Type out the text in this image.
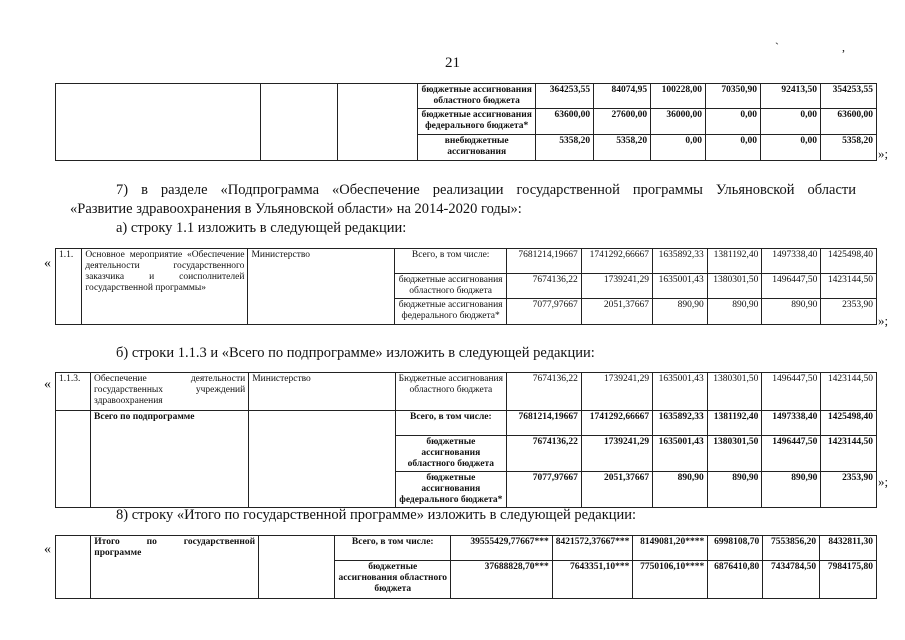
` ,
21
			бюджетные ассигнования областного бюджета	364253,55	84074,95	100228,00	70350,90	92413,50	354253,55
			бюджетные ассигнования федерального бюджета*	63600,00	27600,00	36000,00	0,00	0,00	63600,00
			внебюджетные ассигнования	5358,20	5358,20	0,00	0,00	0,00	5358,20
»;
7) в разделе «Подпрограмма «Обеспечение реализации государственной программы Ульяновской области
«Развитие здравоохранения в Ульяновской области» на 2014-2020 годы»:
а) строку 1.1 изложить в следующей редакции:
«
1.1.	Основное мероприятие «Обеспечение деятельности государственного заказчика и соисполнителей государственной программы»	Министерство	Всего, в том числе:	7681214,19667	1741292,66667	1635892,33	1381192,40	1497338,40	1425498,40
			бюджетные ассигнования областного бюджета	7674136,22	1739241,29	1635001,43	1380301,50	1496447,50	1423144,50
			бюджетные ассигнования федерального бюджета*	7077,97667	2051,37667	890,90	890,90	890,90	2353,90
»;
б) строки 1.1.3 и «Всего по подпрограмме» изложить в следующей редакции:
« 1.1.3.	Обеспечение деятельности государственных учреждений здравоохранения	Министерство	Бюджетные ассигнования областного бюджета	7674136,22	1739241,29	1635001,43	1380301,50	1496447,50	1423144,50
	Всего по подпрограмме		Всего, в том числе:	7681214,19667	1741292,66667	1635892,33	1381192,40	1497338,40	1425498,40
			бюджетные ассигнования областного бюджета	7674136,22	1739241,29	1635001,43	1380301,50	1496447,50	1423144,50
			бюджетные ассигнования федерального бюджета*	7077,97667	2051,37667	890,90	890,90	890,90	2353,90 »;
8) строку «Итого по государственной программе» изложить в следующей редакции:
«
		Итого по государственной программе		Всего, в том числе:	39555429,77667***	8421572,37667***	8149081,20****	6998108,70	7553856,20	8432811,30
			бюджетные ассигнования областного бюджета	37688828,70***	7643351,10***	7750106,10****	6876410,80	7434784,50	7984175,80
